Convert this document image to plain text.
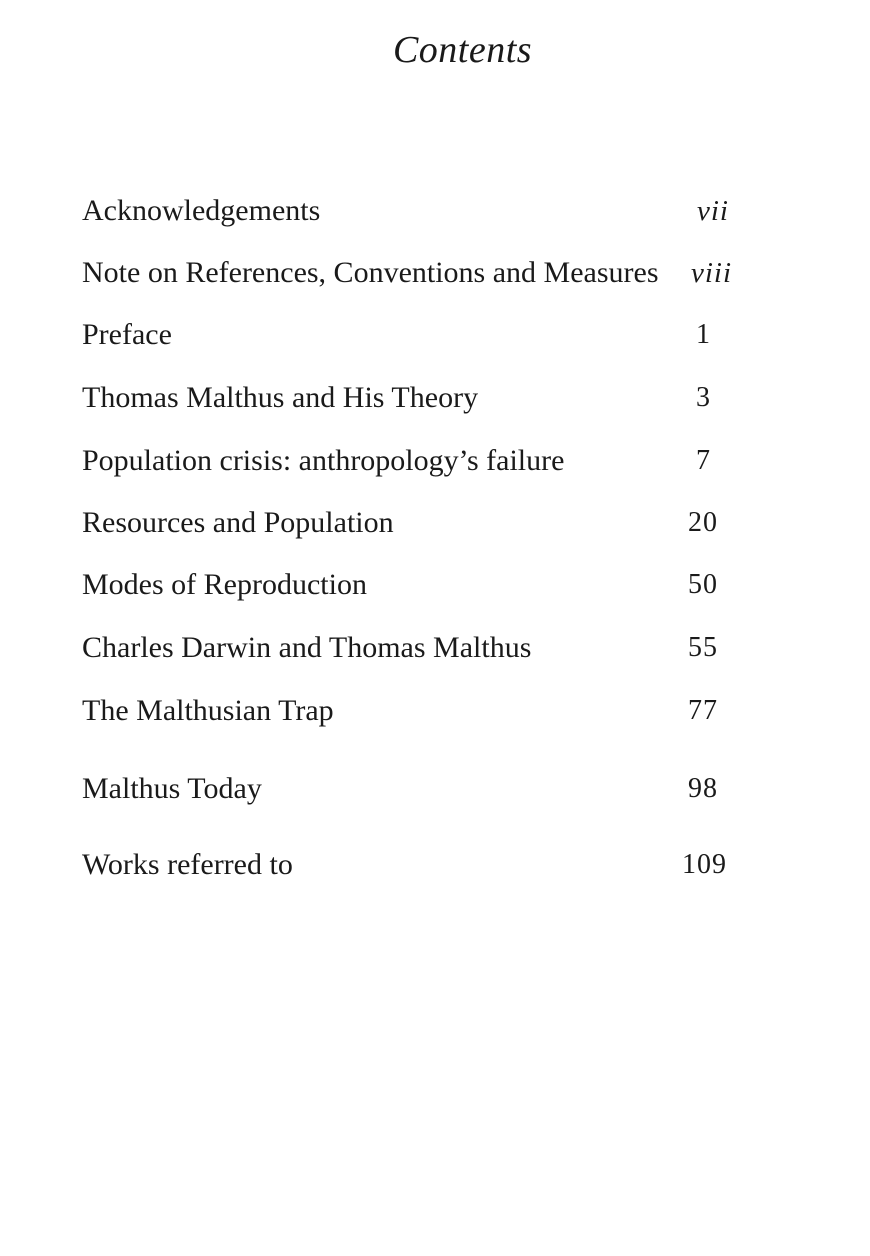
Contents
Acknowledgements	vii
Note on References, Conventions and Measures viii
Preface	1
Thomas Malthus and His Theory	3
Population crisis: anthropology’s failure	7
Resources and Population	20
Modes of Reproduction	50
Charles Darwin and Thomas Malthus	55
The Malthusian Trap	77
Malthus Today	98
Works referred to	109
